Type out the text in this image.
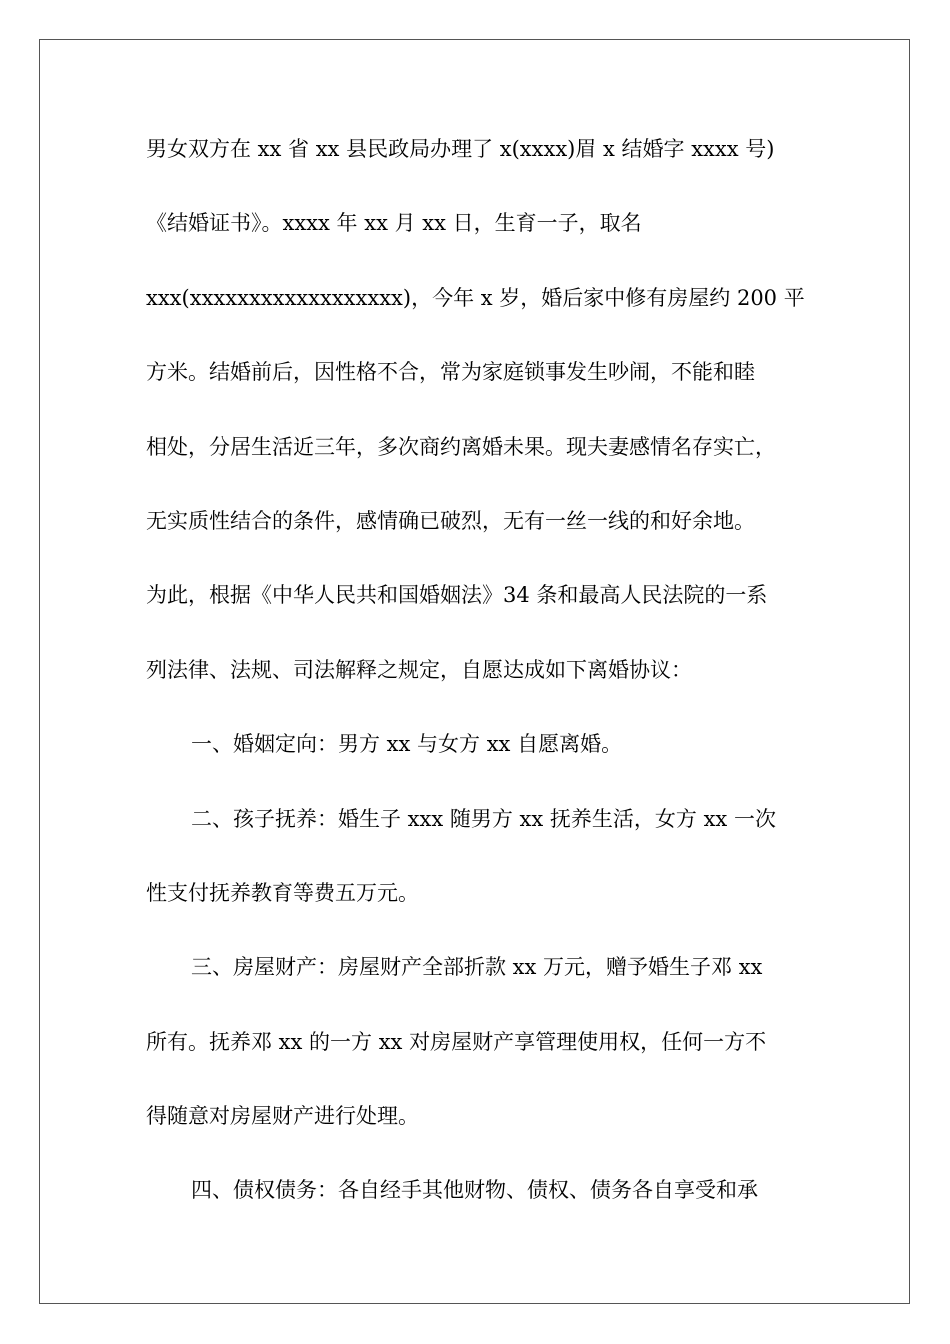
男女双方在 xx 省 xx 县民政局办理了 x(xxxx)眉 x 结婚字 xxxx 号)

《结婚证书》。xxxx 年 xx 月 xx 日，生育一子，取名

xxx(xxxxxxxxxxxxxxxxxx)，今年 x 岁，婚后家中修有房屋约 200 平

方米。结婚前后，因性格不合，常为家庭锁事发生吵闹，不能和睦

相处，分居生活近三年，多次商约离婚未果。现夫妻感情名存实亡，

无实质性结合的条件，感情确已破烈，无有一丝一线的和好余地。

为此，根据《中华人民共和国婚姻法》34 条和最高人民法院的一系

列法律、法规、司法解释之规定，自愿达成如下离婚协议：

一、婚姻定向：男方 xx 与女方 xx 自愿离婚。

二、孩子抚养：婚生子 xxx 随男方 xx 抚养生活，女方 xx 一次

性支付抚养教育等费五万元。

三、房屋财产：房屋财产全部折款 xx 万元，赠予婚生子邓 xx

所有。抚养邓 xx 的一方 xx 对房屋财产享管理使用权，任何一方不

得随意对房屋财产进行处理。

四、债权债务：各自经手其他财物、债权、债务各自享受和承
